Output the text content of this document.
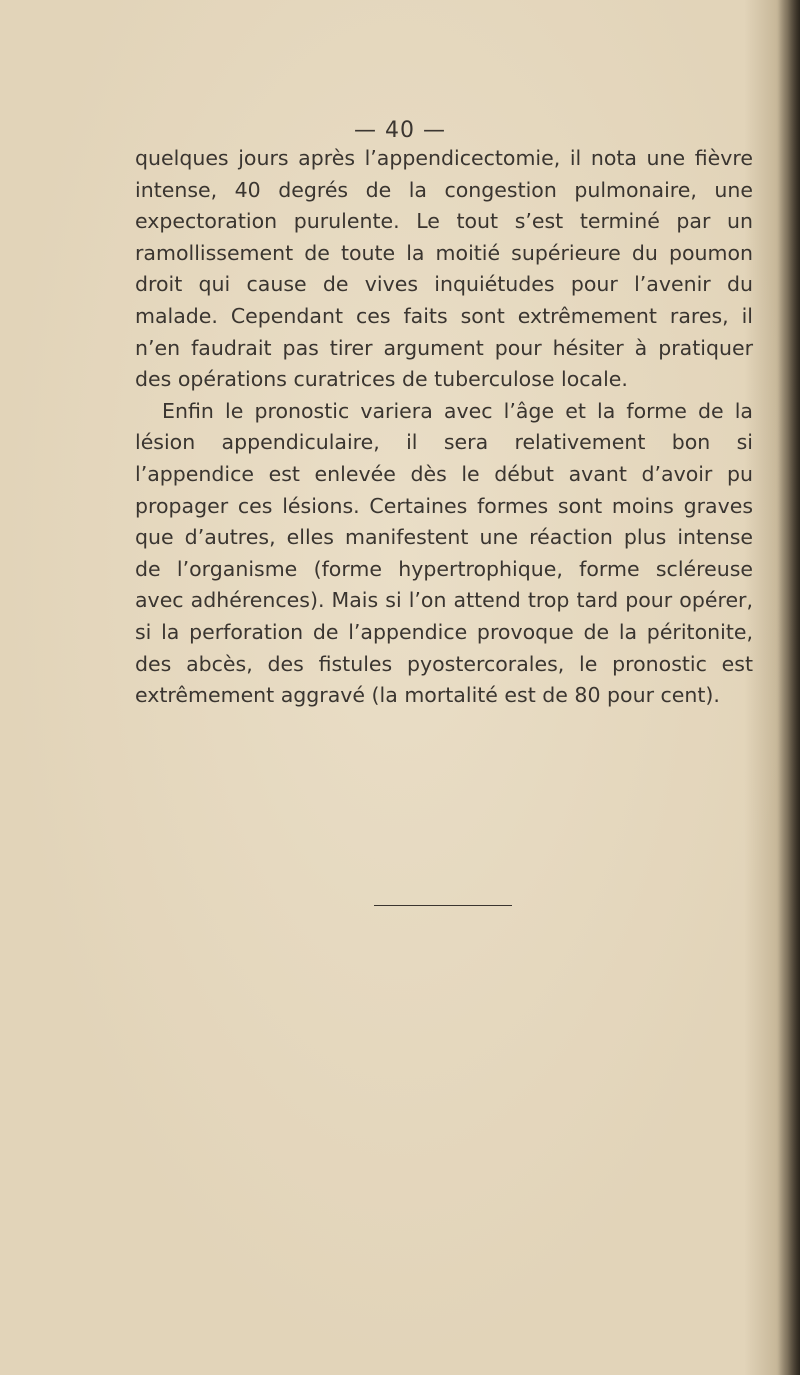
— 40 —

quelques jours après l’appendicectomie, il nota une fièvre intense, 40 degrés de la congestion pulmonaire, une expectoration purulente. Le tout s’est terminé par un ramollissement de toute la moitié supérieure du poumon droit qui cause de vives inquiétudes pour l’avenir du malade. Cependant ces faits sont extrêmement rares, il n’en faudrait pas tirer argument pour hésiter à pratiquer des opérations curatrices de tuberculose locale.

Enfin le pronostic variera avec l’âge et la forme de la lésion appendiculaire, il sera relativement bon si l’appendice est enlevée dès le début avant d’avoir pu propager ces lésions. Certaines formes sont moins graves que d’autres, elles manifestent une réaction plus intense de l’organisme (forme hypertrophique, forme scléreuse avec adhérences). Mais si l’on attend trop tard pour opérer, si la perforation de l’appendice provoque de la péritonite, des abcès, des fistules pyostercorales, le pronostic est extrêmement aggravé (la mortalité est de 80 pour cent).
